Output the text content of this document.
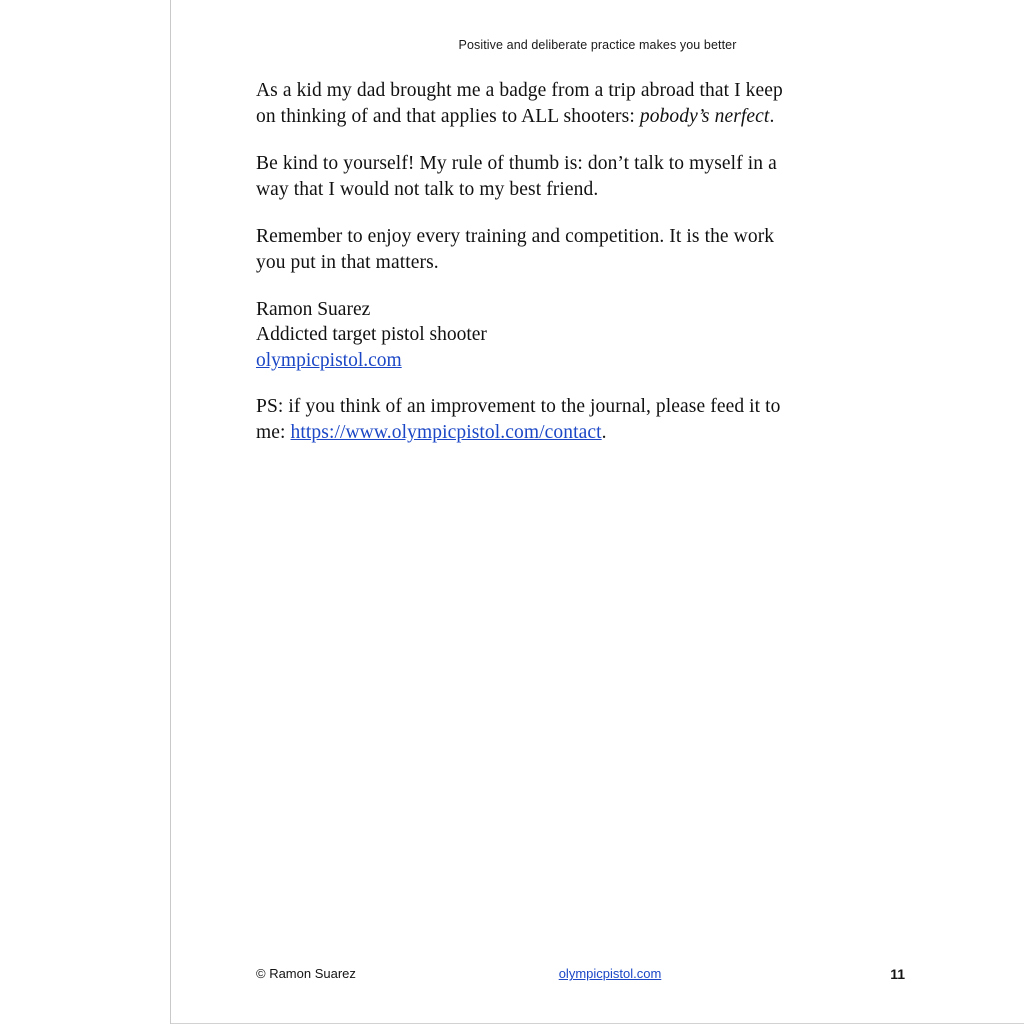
Positive and deliberate practice makes you better

As a kid my dad brought me a badge from a trip abroad that I keep on thinking of and that applies to ALL shooters: pobody’s nerfect.

Be kind to yourself! My rule of thumb is: don’t talk to myself in a way that I would not talk to my best friend.

Remember to enjoy every training and competition. It is the work you put in that matters.

Ramon Suarez
Addicted target pistol shooter
olympicpistol.com

PS: if you think of an improvement to the journal, please feed it to me: https://www.olympicpistol.com/contact.

© Ramon Suarez	olympicpistol.com	11
